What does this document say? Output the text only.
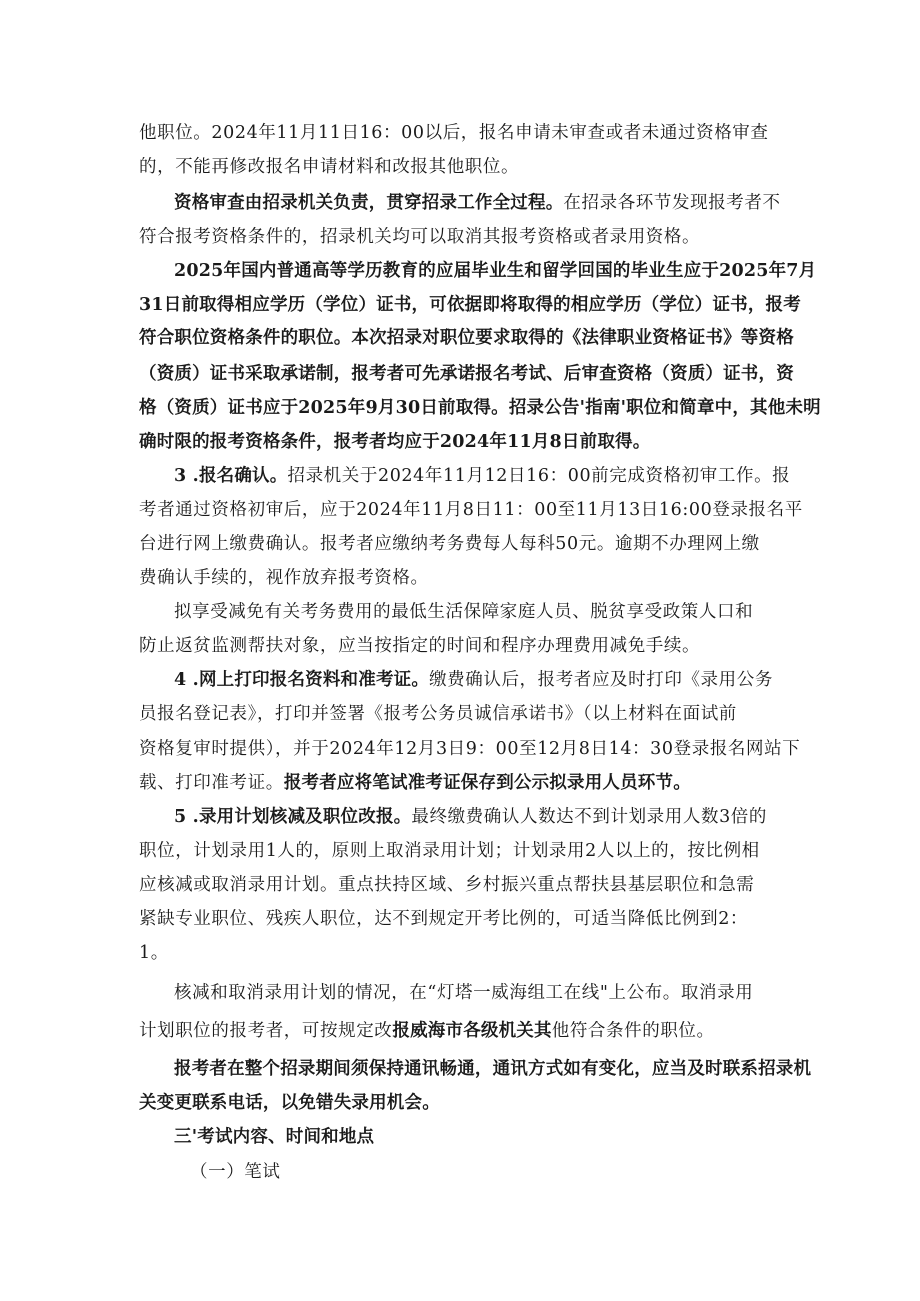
他职位。2024年11月11日16：00以后，报名申请未审查或者未通过资格审查
的，不能再修改报名申请材料和改报其他职位。
资格审查由招录机关负责，贯穿招录工作全过程。在招录各环节发现报考者不
符合报考资格条件的，招录机关均可以取消其报考资格或者录用资格。
2025年国内普通高等学历教育的应届毕业生和留学回国的毕业生应于2025年7月
31日前取得相应学历（学位）证书，可依据即将取得的相应学历（学位）证书，报考
符合职位资格条件的职位。本次招录对职位要求取得的《法律职业资格证书》等资格
（资质）证书采取承诺制，报考者可先承诺报名考试、后审查资格（资质）证书，资
格（资质）证书应于2025年9月30日前取得。招录公告'指南'职位和简章中，其他未明
确时限的报考资格条件，报考者均应于2024年11月8日前取得。
3 .报名确认。招录机关于2024年11月12日16：00前完成资格初审工作。报
考者通过资格初审后，应于2024年11月8日11：00至11月13日16:00登录报名平
台进行网上缴费确认。报考者应缴纳考务费每人每科50元。逾期不办理网上缴
费确认手续的，视作放弃报考资格。
拟享受减免有关考务费用的最低生活保障家庭人员、脱贫享受政策人口和
防止返贫监测帮扶对象，应当按指定的时间和程序办理费用减免手续。
4 .网上打印报名资料和准考证。缴费确认后，报考者应及时打印《录用公务
员报名登记表》，打印并签署《报考公务员诚信承诺书》（以上材料在面试前
资格复审时提供），并于2024年12月3日9：00至12月8日14：30登录报名网站下
载、打印准考证。报考者应将笔试准考证保存到公示拟录用人员环节。
5 .录用计划核减及职位改报。最终缴费确认人数达不到计划录用人数3倍的
职位，计划录用1人的，原则上取消录用计划；计划录用2人以上的，按比例相
应核减或取消录用计划。重点扶持区域、乡村振兴重点帮扶县基层职位和急需
紧缺专业职位、残疾人职位，达不到规定开考比例的，可适当降低比例到2：
1。
核减和取消录用计划的情况，在“灯塔一威海组工在线"上公布。取消录用
计划职位的报考者，可按规定改报威海市各级机关其他符合条件的职位。
报考者在整个招录期间须保持通讯畅通，通讯方式如有变化，应当及时联系招录机
关变更联系电话，以免错失录用机会。
三'考试内容、时间和地点
（一）笔试
